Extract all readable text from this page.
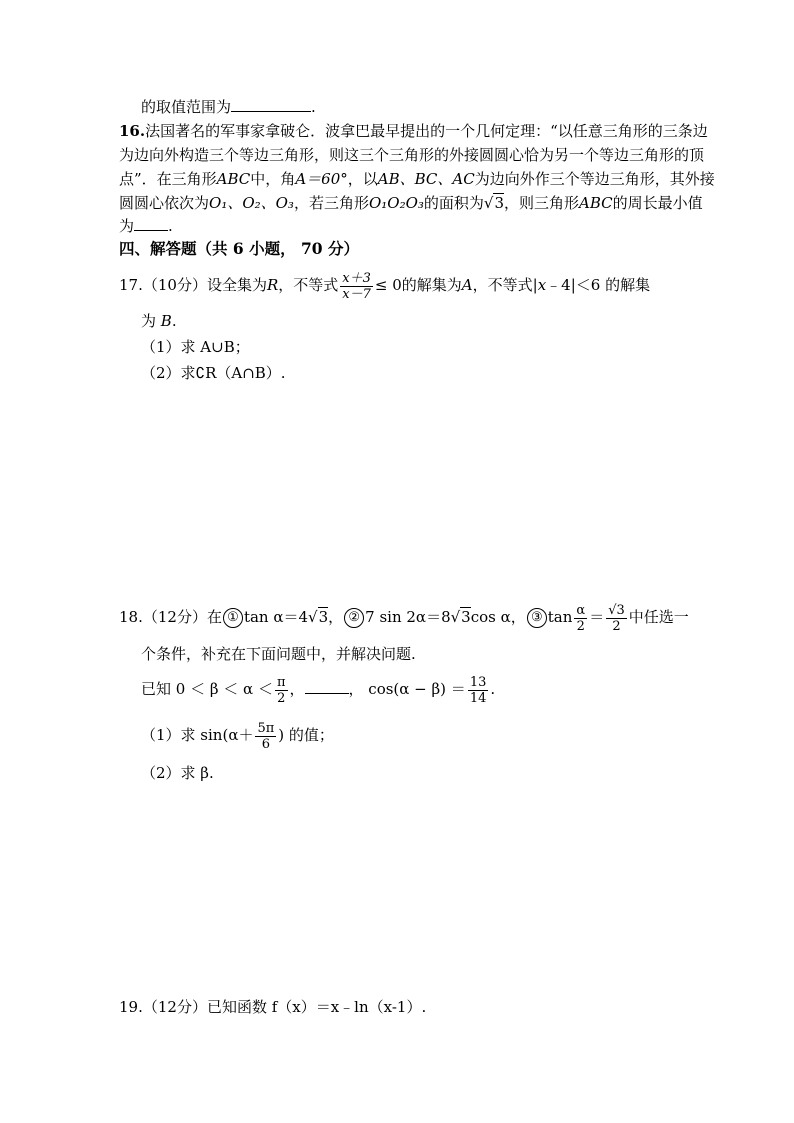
的取值范围为	.
16.法国著名的军事家拿破仑．波拿巴最早提出的一个几何定理：“以任意三角形的三条边
为边向外构造三个等边三角形，则这三个三角形的外接圆圆心恰为另一个等边三角形的顶
点”．在三角形ABC中，角A＝60°，以AB、BC、AC为边向外作三个等边三角形，其外接
圆圆心依次为O₁、O₂、O₃，若三角形O₁O₂O₃的面积为√3，则三角形ABC的周长最小值
为 .
四、解答题（共 6 小题， 70 分）
17.（10分）设全集为R，不等式 $\frac{x+3}{x-7} \le 0$的解集为A，不等式|x﹣4|＜6 的解集
为 B.
（1）求 A∪B；
（2）求∁R（A∩B）.
18.（12分）在 ① tan α＝4√3， ② 7 sin 2α＝8√3cos α， ③ $\tan \frac{\alpha}{2} = \frac{√3}{2}$ 中任选一
个条件，补充在下面问题中，并解决问题.
已知 $0 < \beta < \alpha < \frac{\pi}{2}$ ，	， $\cos(\alpha - \beta) = \frac{13}{14}$ .
（1）求 $\sin(\alpha+ \frac{5\pi}{6}$ ) 的值；
（2）求 β.
19.（12分）已知函数 f（x）＝x﹣ln（x-1）.
